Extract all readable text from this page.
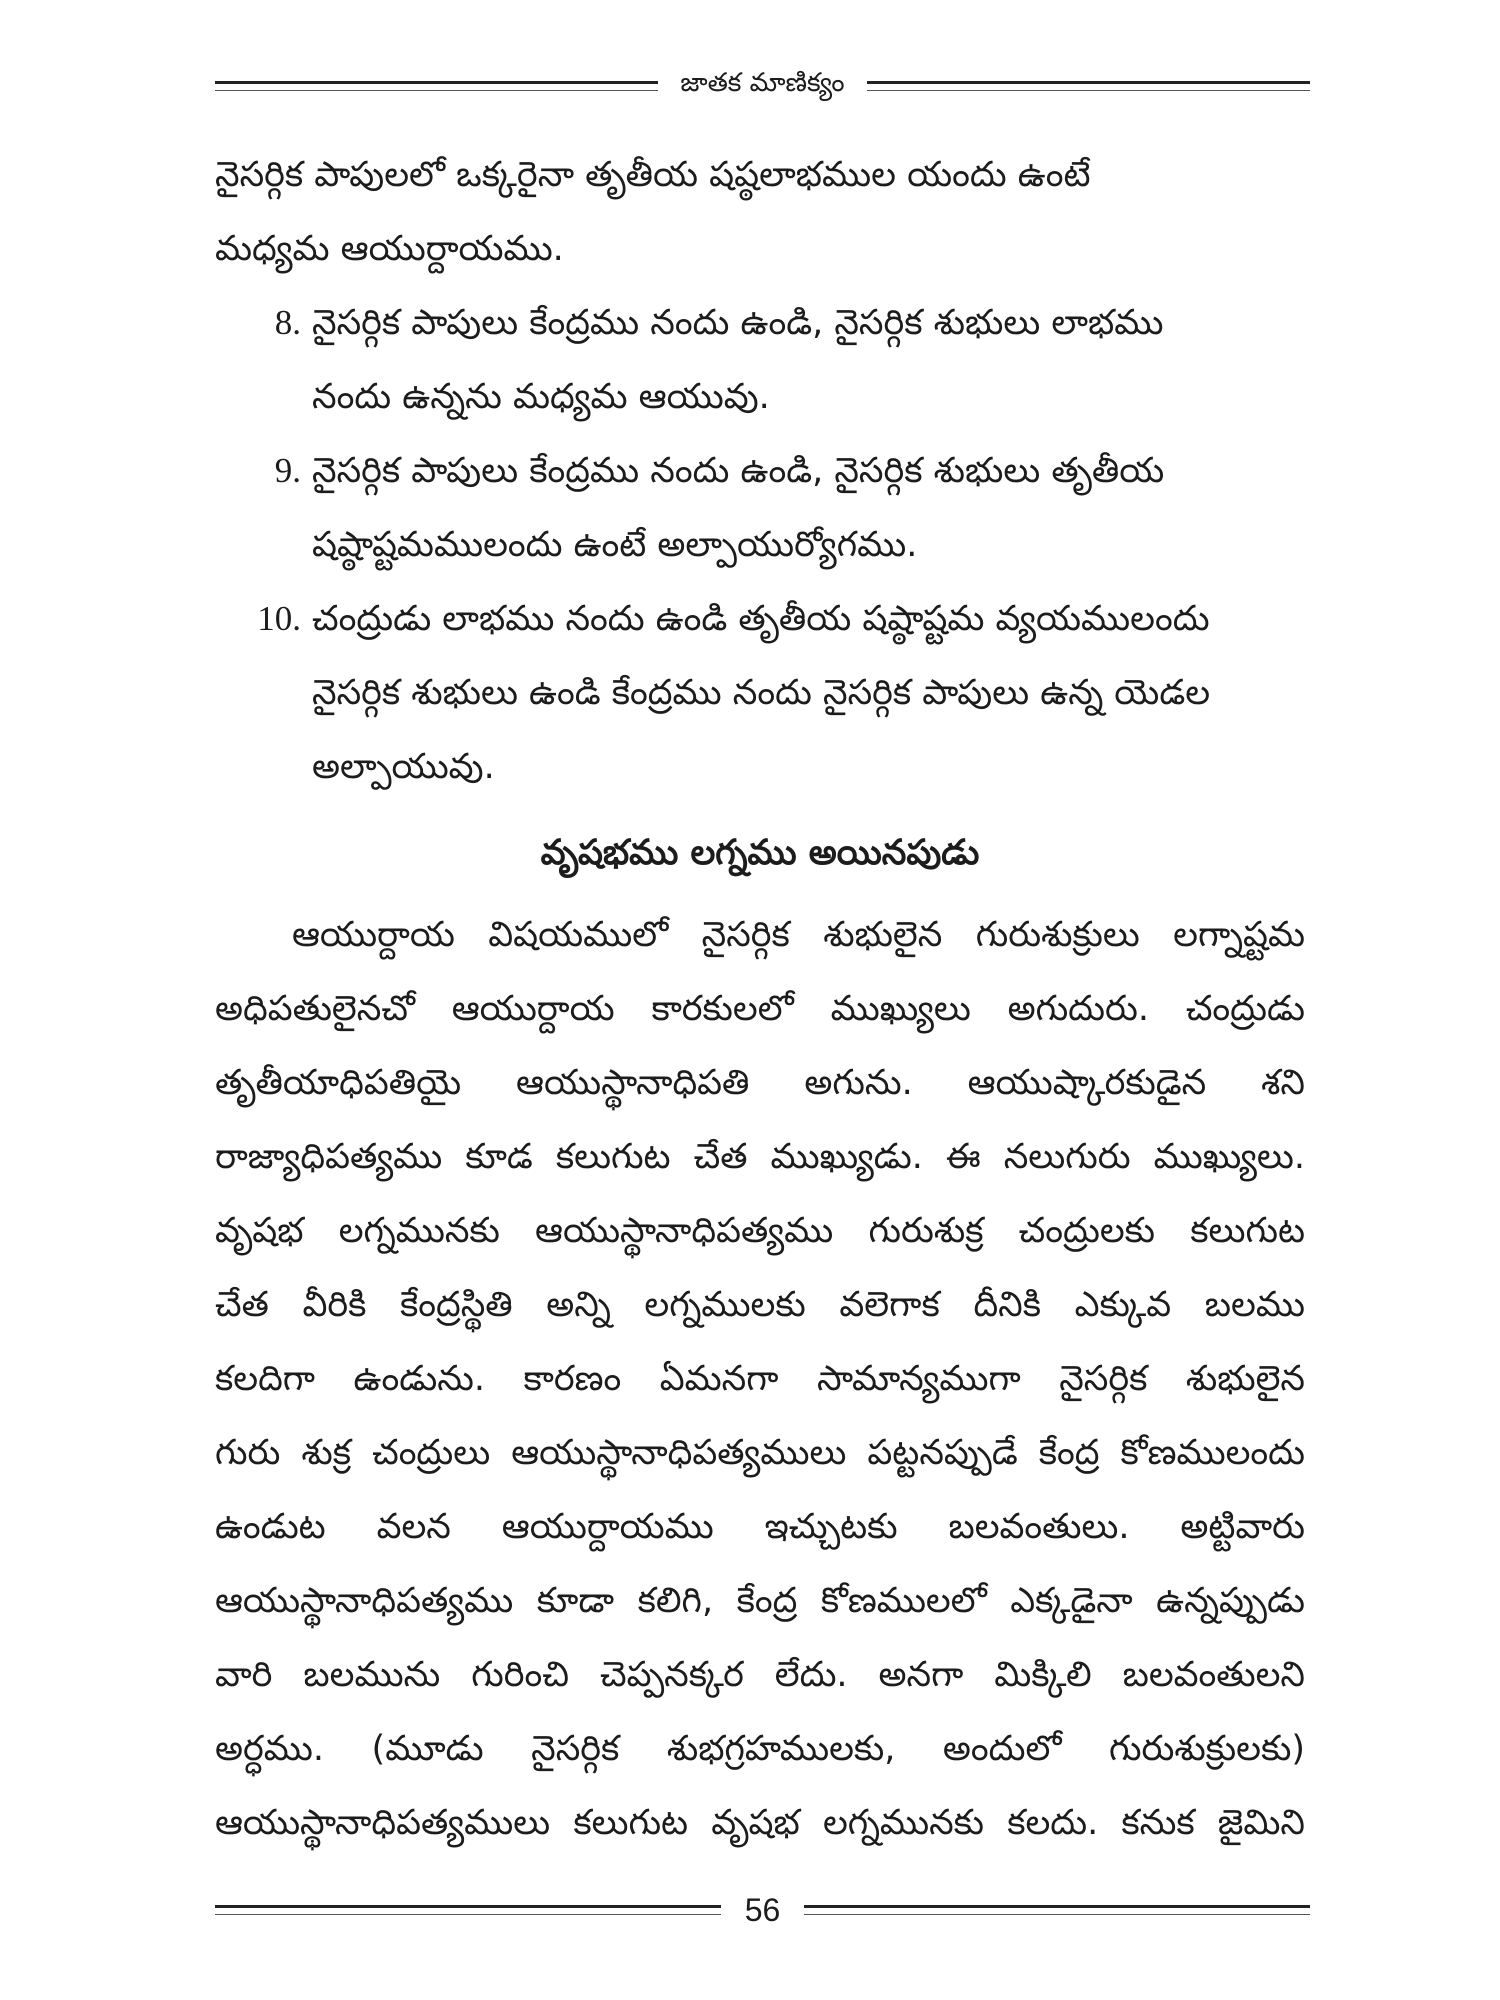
జాతక మాణిక్యం
నైసర్గిక పాపులలో ఒక్కరైనా తృతీయ షష్ఠలాభముల యందు ఉంటే
మధ్యమ ఆయుర్దాయము.
8. నైసర్గిక పాపులు కేంద్రము నందు ఉండి, నైసర్గిక శుభులు లాభము
నందు ఉన్నను మధ్యమ ఆయువు.
9. నైసర్గిక పాపులు కేంద్రము నందు ఉండి, నైసర్గిక శుభులు తృతీయ
షష్ఠాష్టమములందు ఉంటే అల్పాయుర్యోగము.
10. చంద్రుడు లాభము నందు ఉండి తృతీయ షష్ఠాష్టమ వ్యయములందు
నైసర్గిక శుభులు ఉండి కేంద్రము నందు నైసర్గిక పాపులు ఉన్న యెడల
అల్పాయువు.
వృషభము లగ్నము అయినపుడు
ఆయుర్దాయ విషయములో నైసర్గిక శుభులైన గురుశుక్రులు లగ్నాష్టమ
అధిపతులైనచో ఆయుర్దాయ కారకులలో ముఖ్యులు అగుదురు. చంద్రుడు
తృతీయాధిపతియై ఆయుస్థానాధిపతి అగును. ఆయుష్కారకుడైన శని
రాజ్యాధిపత్యము కూడ కలుగుట చేత ముఖ్యుడు. ఈ నలుగురు ముఖ్యులు.
వృషభ లగ్నమునకు ఆయుస్థానాధిపత్యము గురుశుక్ర చంద్రులకు కలుగుట
చేత వీరికి కేంద్రస్థితి అన్ని లగ్నములకు వలెగాక దీనికి ఎక్కువ బలము
కలదిగా ఉండును. కారణం ఏమనగా సామాన్యముగా నైసర్గిక శుభులైన
గురు శుక్ర చంద్రులు ఆయుస్థానాధిపత్యములు పట్టనప్పుడే కేంద్ర కోణములందు
ఉండుట వలన ఆయుర్దాయము ఇచ్చుటకు బలవంతులు. అట్టివారు
ఆయుస్థానాధిపత్యము కూడా కలిగి, కేంద్ర కోణములలో ఎక్కడైనా ఉన్నప్పుడు
వారి బలమును గురించి చెప్పనక్కర లేదు. అనగా మిక్కిలి బలవంతులని
అర్ధము. (మూడు నైసర్గిక శుభగ్రహములకు, అందులో గురుశుక్రులకు)
ఆయుస్థానాధిపత్యములు కలుగుట వృషభ లగ్నమునకు కలదు. కనుక జైమిని
56
